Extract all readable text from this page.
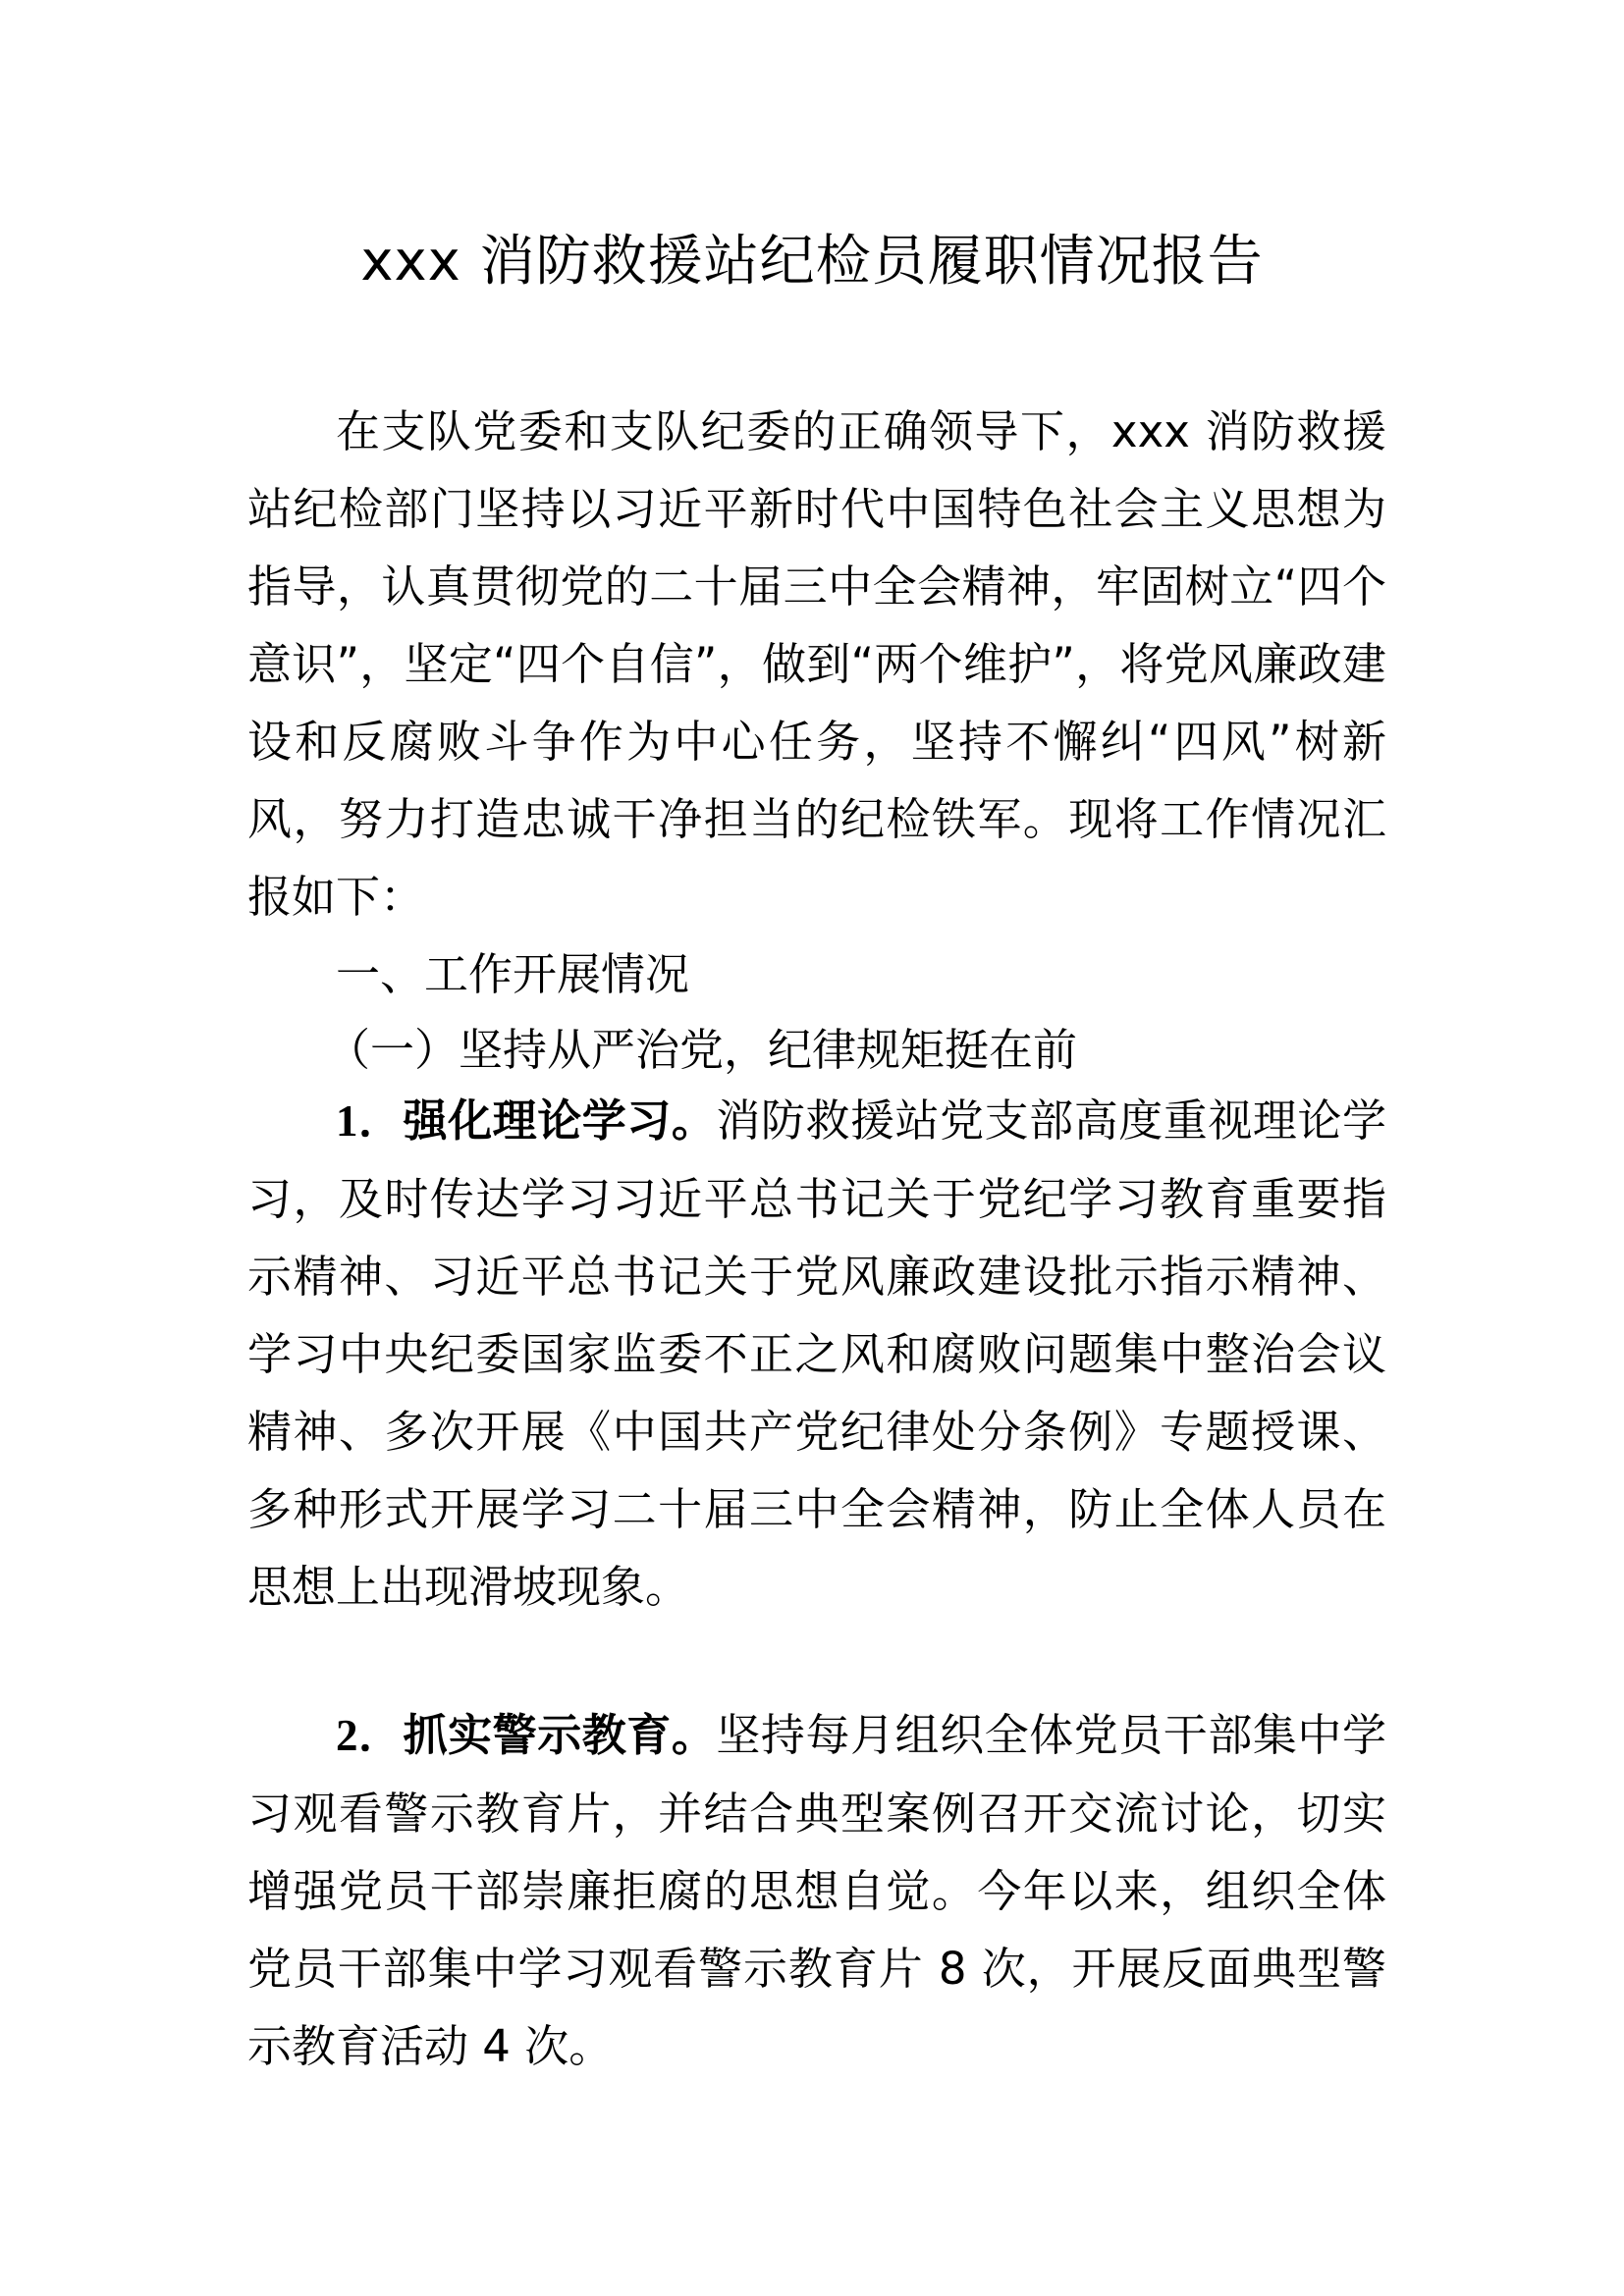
xxx 消防救援站纪检员履职情况报告

在支队党委和支队纪委的正确领导下，xxx 消防救援站纪检部门坚持以习近平新时代中国特色社会主义思想为指导，认真贯彻党的二十届三中全会精神，牢固树立“四个意识”，坚定“四个自信”，做到“两个维护”，将党风廉政建设和反腐败斗争作为中心任务，坚持不懈纠“四风”树新风，努力打造忠诚干净担当的纪检铁军。现将工作情况汇报如下：

一、工作开展情况

（一）坚持从严治党，纪律规矩挺在前

1．强化理论学习。消防救援站党支部高度重视理论学习，及时传达学习习近平总书记关于党纪学习教育重要指示精神、习近平总书记关于党风廉政建设批示指示精神、学习中央纪委国家监委不正之风和腐败问题集中整治会议精神、多次开展《中国共产党纪律处分条例》专题授课、多种形式开展学习二十届三中全会精神，防止全体人员在思想上出现滑坡现象。

2．抓实警示教育。坚持每月组织全体党员干部集中学习观看警示教育片，并结合典型案例召开交流讨论，切实增强党员干部崇廉拒腐的思想自觉。今年以来，组织全体党员干部集中学习观看警示教育片 8 次，开展反面典型警示教育活动 4 次。
